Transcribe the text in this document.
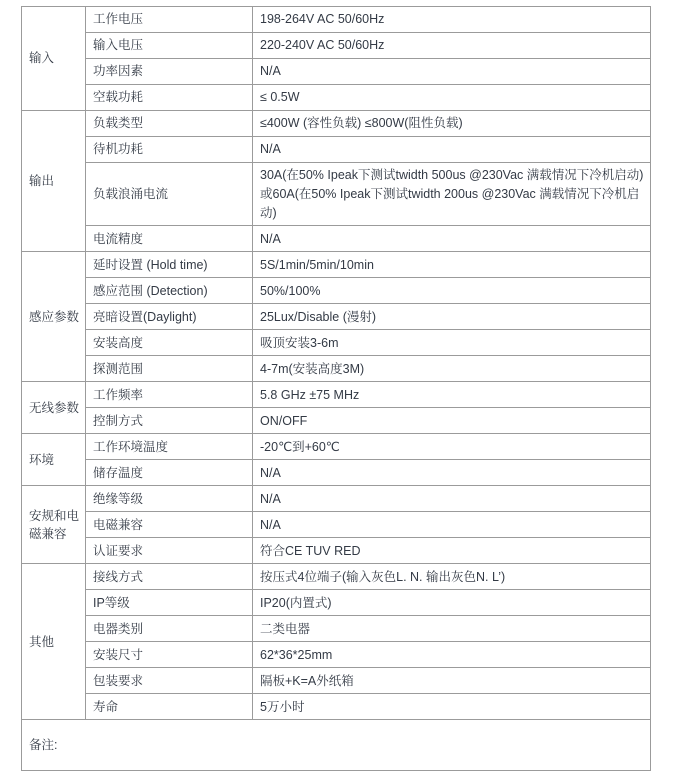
输入	工作电压	198-264V AC 50/60Hz
	输入电压	220-240V AC 50/60Hz
	功率因素	N/A
	空载功耗	≤ 0.5W
输出	负载类型	≤400W (容性负载) ≤800W(阻性负载)
	待机功耗	N/A
	负载浪涌电流	30A(在50% Ipeak下测试twidth 500us @230Vac 满载情况下冷机启动)或60A(在50% Ipeak下测试twidth 200us @230Vac 满载情况下冷机启动)
	电流精度	N/A
感应参数	延时设置 (Hold time)	5S/1min/5min/10min
	感应范围 (Detection)	50%/100%
	亮暗设置(Daylight)	25Lux/Disable (漫射)
	安装高度	吸顶安装3-6m
	探测范围	4-7m(安装高度3M)
无线参数	工作频率	5.8 GHz ±75 MHz
	控制方式	ON/OFF
环境	工作环境温度	-20℃到+60℃
	储存温度	N/A
安规和电磁兼容	绝缘等级	N/A
	电磁兼容	N/A
	认证要求	符合CE TUV RED
其他	接线方式	按压式4位端子(输入灰色L. N. 输出灰色N. L’)
	IP等级	IP20(内置式)
	电器类别	二类电器
	安装尺寸	62*36*25mm
	包装要求	隔板+K=A外纸箱
	寿命	5万小时
备注:		
